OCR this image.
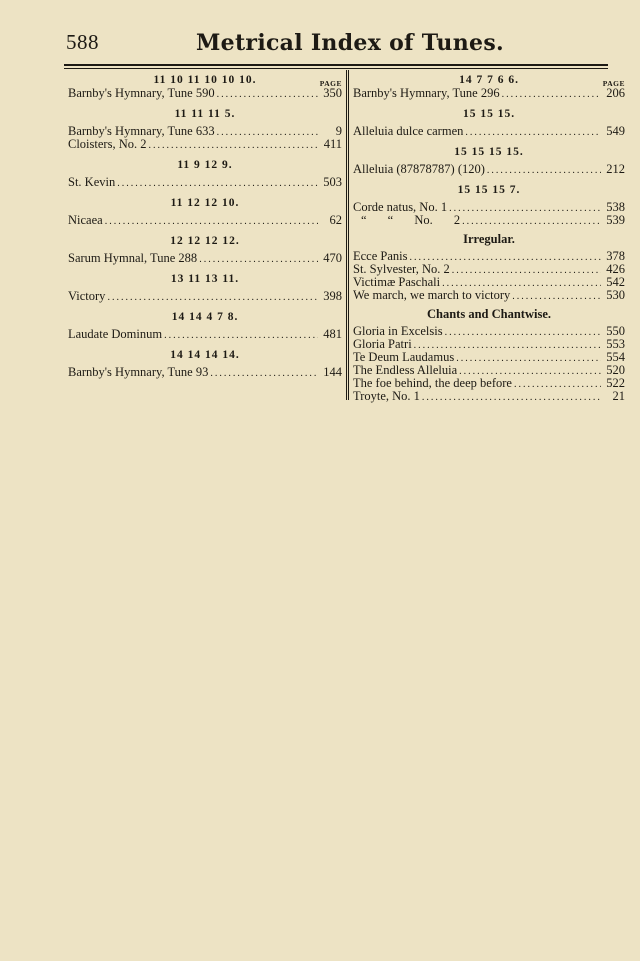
588	Metrical Index of Tunes.
11 10 11 10 10 10.	PAGE
Barnby's Hymnary, Tune 590 .....	350
11 11 11 5.
Barnby's Hymnary, Tune 633 .....	9
Cloisters, No. 2 .....	411
11 9 12 9.
St. Kevin .....	503
11 12 12 10.
Nicaea .....	62
12 12 12 12.
Sarum Hymnal, Tune 288 .....	470
13 11 13 11.
Victory .....	398
14 14 4 7 8.
Laudate Dominum .....	481
14 14 14 14.
Barnby's Hymnary, Tune 93 .....	144
14 7 7 6 6.	PAGE
Barnby's Hymnary, Tune 296 .....	206
15 15 15.
Alleluia dulce carmen .....	549
15 15 15 15.
Alleluia (87878787) (120) .....	212
15 15 15 7.
Corde natus, No. 1 .....	538
“ “ No. 2 .....	539
Irregular.
Ecce Panis .....	378
St. Sylvester, No. 2 .....	426
Victimæ Paschali .....	542
We march, we march to victory .....	530
Chants and Chantwise.
Gloria in Excelsis .....	550
Gloria Patri .....	553
Te Deum Laudamus .....	554
The Endless Alleluia .....	520
The foe behind, the deep before .....	522
Troyte, No. 1 .....	21
